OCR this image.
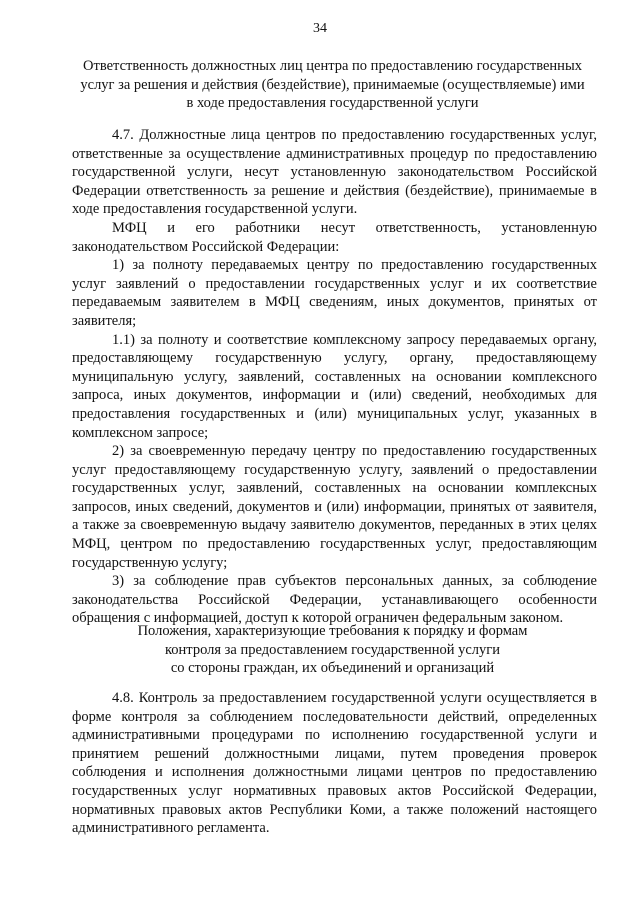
34
Ответственность должностных лиц центра по предоставлению государственных
услуг за решения и действия (бездействие), принимаемые (осуществляемые) ими
в ходе предоставления государственной услуги

4.7. Должностные лица центров по предоставлению государственных услуг, ответственные за осуществление административных процедур по предоставлению государственной услуги, несут установленную законодательством Российской Федерации ответственность за решение и действия (бездействие), принимаемые в ходе предоставления государственной услуги.

МФЦ и его работники несут ответственность, установленную законодательством Российской Федерации:

1) за полноту передаваемых центру по предоставлению государственных услуг заявлений о предоставлении государственных услуг и их соответствие передаваемым заявителем в МФЦ сведениям, иных документов, принятых от заявителя;

1.1) за полноту и соответствие комплексному запросу передаваемых органу, предоставляющему государственную услугу, органу, предоставляющему муниципальную услугу, заявлений, составленных на основании комплексного запроса, иных документов, информации и (или) сведений, необходимых для предоставления государственных и (или) муниципальных услуг, указанных в комплексном запросе;

2) за своевременную передачу центру по предоставлению государственных услуг предоставляющему государственную услугу, заявлений о предоставлении государственных услуг, заявлений, составленных на основании комплексных запросов, иных сведений, документов и (или) информации, принятых от заявителя, а также за своевременную выдачу заявителю документов, переданных в этих целях МФЦ, центром по предоставлению государственных услуг, предоставляющим государственную услугу;

3) за соблюдение прав субъектов персональных данных, за соблюдение законодательства Российской Федерации, устанавливающего особенности обращения с информацией, доступ к которой ограничен федеральным законом.

Положения, характеризующие требования к порядку и формам
контроля за предоставлением государственной услуги
со стороны граждан, их объединений и организаций

4.8. Контроль за предоставлением государственной услуги осуществляется в форме контроля за соблюдением последовательности действий, определенных административными процедурами по исполнению государственной услуги и принятием решений должностными лицами, путем проведения проверок соблюдения и исполнения должностными лицами центров по предоставлению государственных услуг нормативных правовых актов Российской Федерации, нормативных правовых актов Республики Коми, а также положений настоящего административного регламента.
